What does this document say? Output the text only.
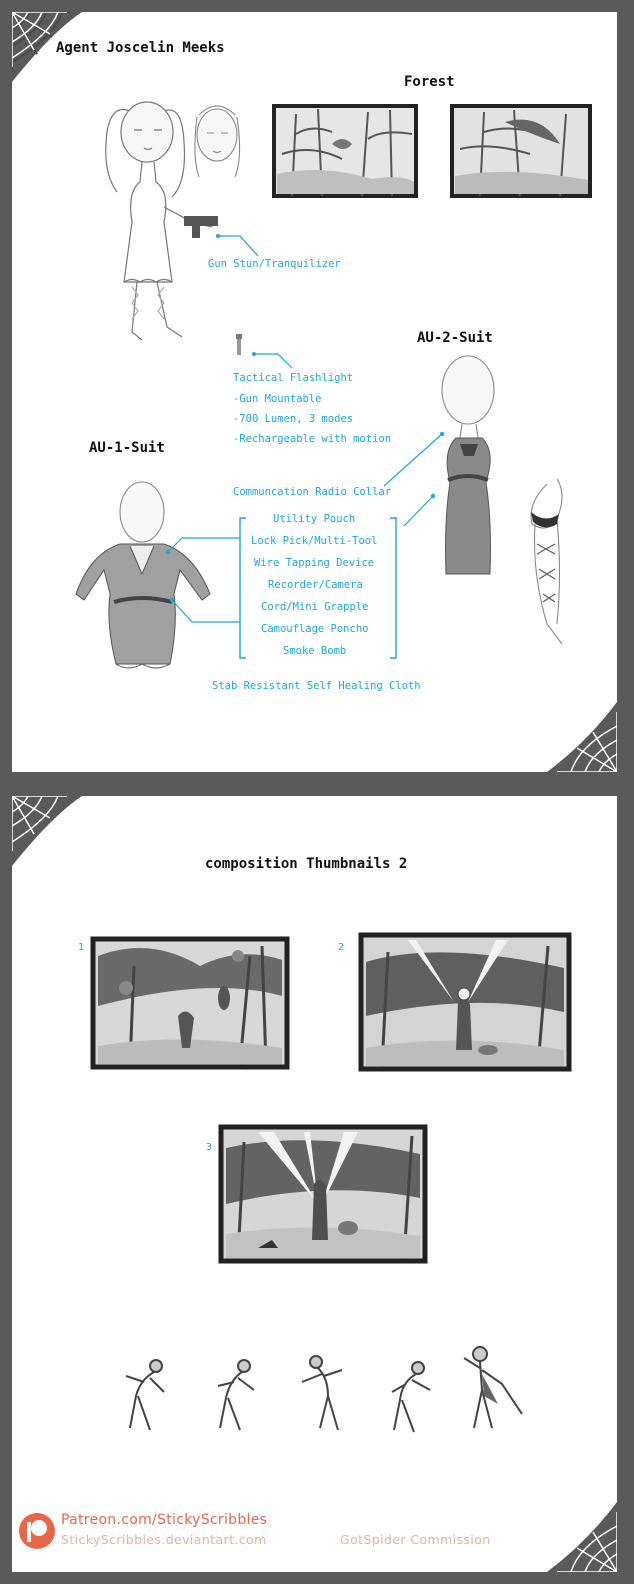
Agent Joscelin Meeks
Forest
AU-2-Suit
AU-1-Suit
Gun Stun/Tranquilizer
Tactical Flashlight
-Gun Mountable
-700 Lumen, 3 modes
-Rechargeable with motion
Communcation Radio Collar
Utility Pouch
Lock Pick/Multi-Tool
Wire Tapping Device
Recorder/Camera
Cord/Mini Grapple
Camouflage Poncho
Smoke Bomb
Stab Resistant Self Healing Cloth
composition Thumbnails 2
1	2
3
Patreon.com/StickyScribbles
StickyScribbles.deviantart.com	GotSpider Commission
